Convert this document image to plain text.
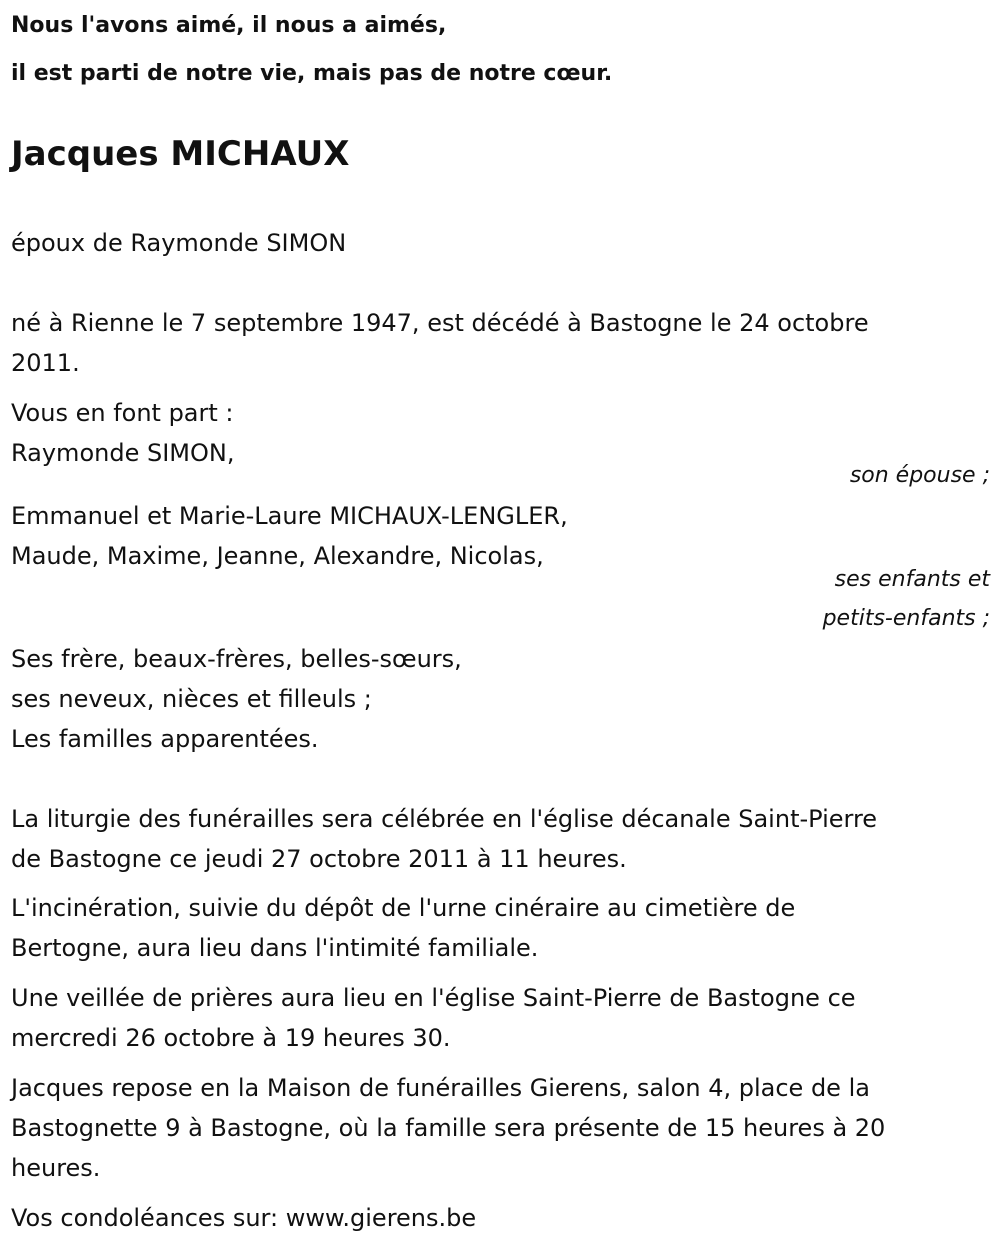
Nous l'avons aimé, il nous a aimés,
il est parti de notre vie, mais pas de notre cœur.
Jacques MICHAUX
époux de Raymonde SIMON
né à Rienne le 7 septembre 1947, est décédé à Bastogne le 24 octobre
2011.
Vous en font part :
Raymonde SIMON,
son épouse ;
Emmanuel et Marie-Laure MICHAUX-LENGLER,
Maude, Maxime, Jeanne, Alexandre, Nicolas,
ses enfants et
petits-enfants ;
Ses frère, beaux-frères, belles-sœurs,
ses neveux, nièces et filleuls ;
Les familles apparentées.
La liturgie des funérailles sera célébrée en l'église décanale Saint-Pierre
de Bastogne ce jeudi 27 octobre 2011 à 11 heures.
L'incinération, suivie du dépôt de l'urne cinéraire au cimetière de
Bertogne, aura lieu dans l'intimité familiale.
Une veillée de prières aura lieu en l'église Saint-Pierre de Bastogne ce
mercredi 26 octobre à 19 heures 30.
Jacques repose en la Maison de funérailles Gierens, salon 4, place de la
Bastognette 9 à Bastogne, où la famille sera présente de 15 heures à 20
heures.
Vos condoléances sur: www.gierens.be
